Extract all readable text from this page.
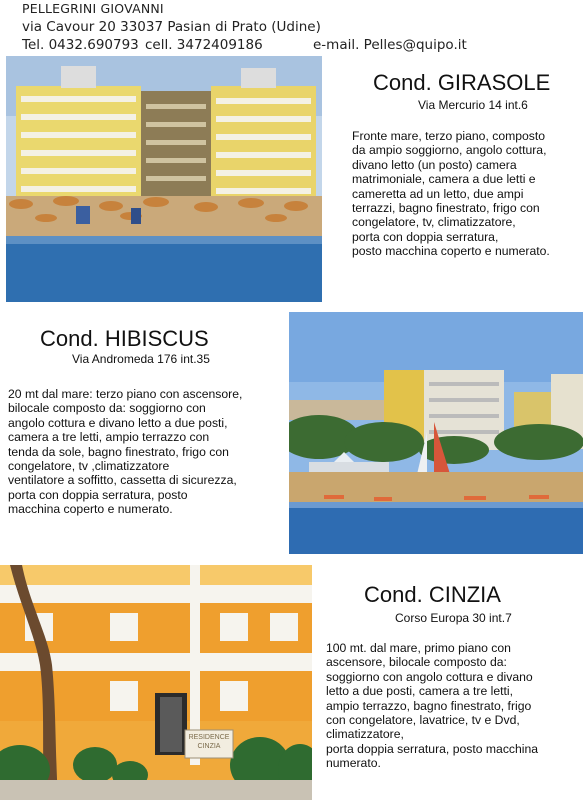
PELLEGRINI GIOVANNI
via Cavour 20 33037 Pasian di Prato (Udine)
Tel. 0432.690793 cell. 3472409186	e-mail. Pelles@quipo.it
Cond. GIRASOLE
Via Mercurio 14 int.6

Fronte mare, terzo piano, composto

da ampio soggiorno, angolo cottura,

divano letto (un posto) camera

matrimoniale, camera a due letti e

cameretta ad un letto, due ampi

terrazzi, bagno finestrato, frigo con

congelatore, tv, climatizzatore,

porta con doppia serratura,

posto macchina coperto e numerato.

Cond. HIBISCUS
Via Andromeda 176 int.35

20 mt dal mare: terzo piano con ascensore,

bilocale composto da: soggiorno con

angolo cottura e divano letto a due posti,

camera a tre letti, ampio terrazzo con

tenda da sole, bagno finestrato, frigo con

congelatore, tv ,climatizzatore

ventilatore a soffitto, cassetta di sicurezza,

porta con doppia serratura, posto

macchina coperto e numerato.

RESIDENCE CINZIA
Cond. CINZIA
Corso Europa 30 int.7

100 mt. dal mare, primo piano con

ascensore, bilocale composto da:

soggiorno con angolo cottura e divano

letto a due posti, camera a tre letti,

ampio terrazzo, bagno finestrato, frigo

con congelatore, lavatrice, tv e Dvd,

climatizzatore,

porta doppia serratura, posto macchina

numerato.
